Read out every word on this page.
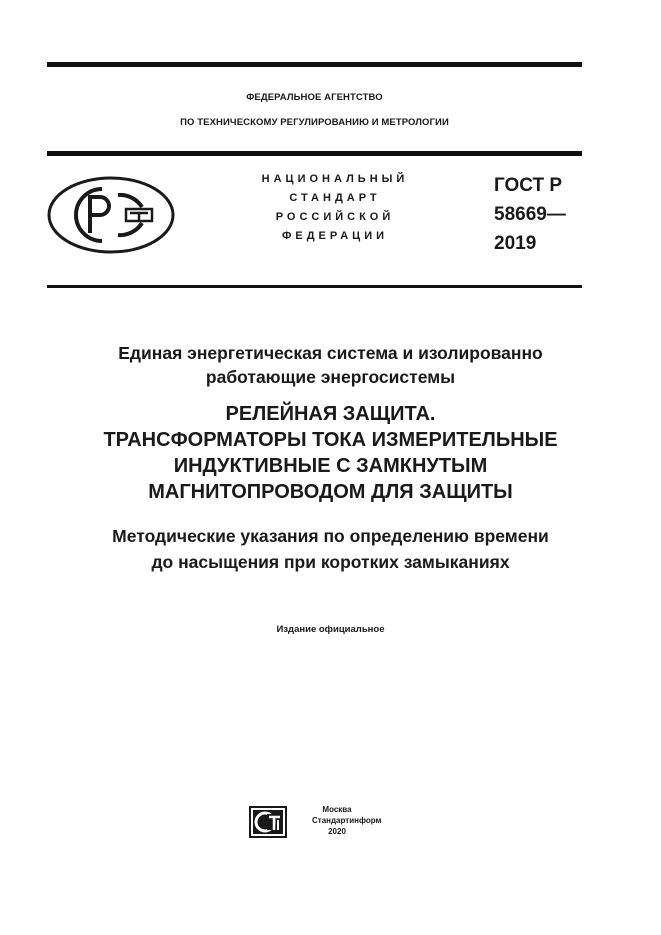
ФЕДЕРАЛЬНОЕ АГЕНТСТВО
ПО ТЕХНИЧЕСКОМУ РЕГУЛИРОВАНИЮ И МЕТРОЛОГИИ
НАЦИОНАЛЬНЫЙ
СТАНДАРТ
РОССИЙСКОЙ
ФЕДЕРАЦИИ
ГОСТ Р
58669—
2019
Единая энергетическая система и изолированно
работающие энергосистемы
РЕЛЕЙНАЯ ЗАЩИТА.
ТРАНСФОРМАТОРЫ ТОКА ИЗМЕРИТЕЛЬНЫЕ
ИНДУКТИВНЫЕ С ЗАМКНУТЫМ
МАГНИТОПРОВОДОМ ДЛЯ ЗАЩИТЫ
Методические указания по определению времени
до насыщения при коротких замыканиях
Издание официальное
Москва
Стандартинформ
2020
